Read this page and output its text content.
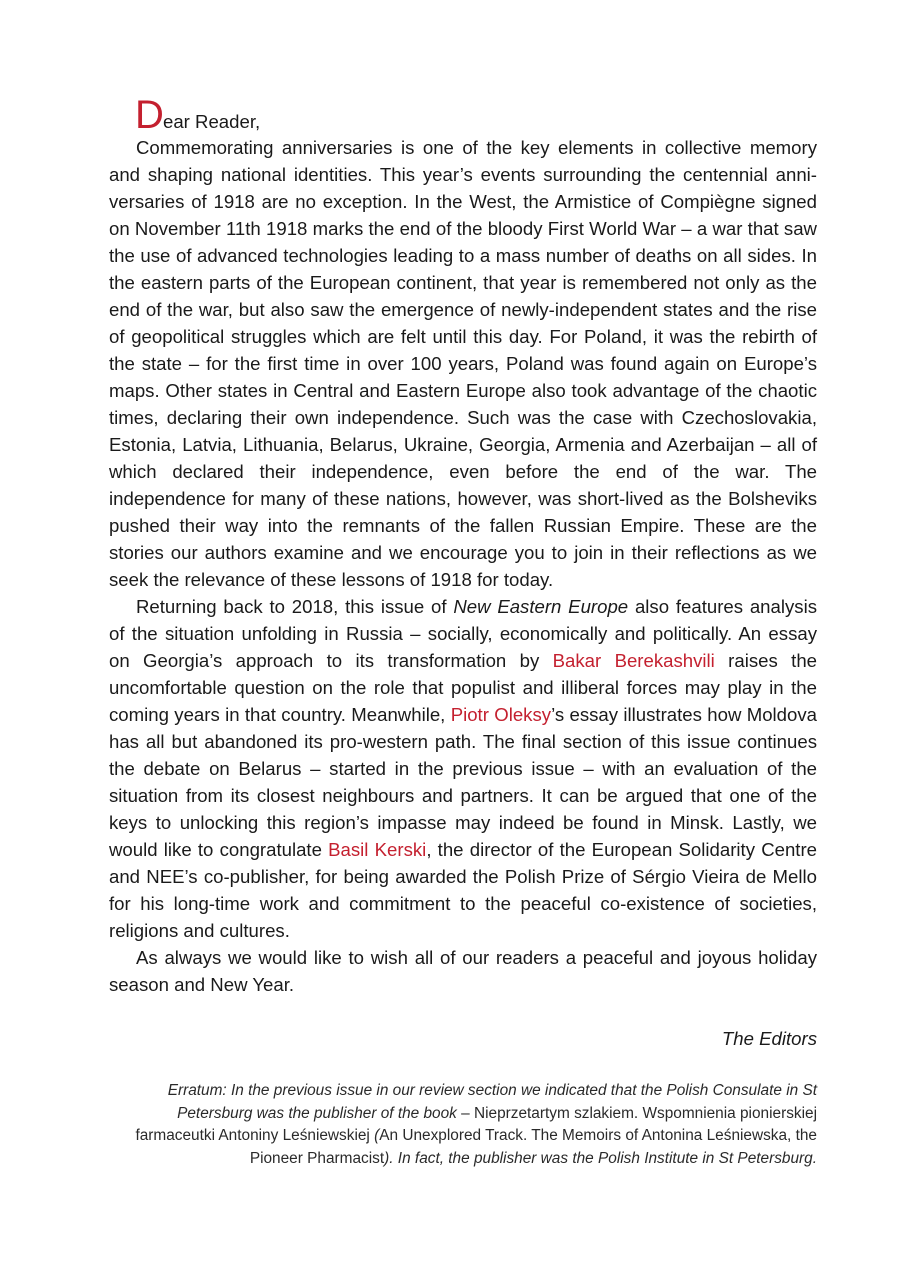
D ear Reader,

Commemorating anniversaries is one of the key elements in collective memory and shaping national identities. This year’s events surrounding the centennial anniversaries of 1918 are no exception. In the West, the Armistice of Compiègne signed on November 11th 1918 marks the end of the bloody First World War – a war that saw the use of advanced technologies leading to a mass number of deaths on all sides. In the eastern parts of the European continent, that year is remembered not only as the end of the war, but also saw the emergence of newly-independent states and the rise of geopolitical struggles which are felt until this day. For Poland, it was the rebirth of the state – for the first time in over 100 years, Poland was found again on Europe’s maps. Other states in Central and Eastern Europe also took advantage of the chaotic times, declaring their own independence. Such was the case with Czechoslovakia, Estonia, Latvia, Lithuania, Belarus, Ukraine, Georgia, Armenia and Azerbaijan – all of which declared their independence, even before the end of the war. The independence for many of these nations, however, was short-lived as the Bolsheviks pushed their way into the remnants of the fallen Russian Empire. These are the stories our authors examine and we encourage you to join in their reflections as we seek the relevance of these lessons of 1918 for today.

Returning back to 2018, this issue of New Eastern Europe also features analysis of the situation unfolding in Russia – socially, economically and politically. An essay on Georgia’s approach to its transformation by Bakar Berekashvili raises the uncomfortable question on the role that populist and illiberal forces may play in the coming years in that country. Meanwhile, Piotr Oleksy’s essay illustrates how Moldova has all but abandoned its pro-western path. The final section of this issue continues the debate on Belarus – started in the previous issue – with an evaluation of the situation from its closest neighbours and partners. It can be argued that one of the keys to unlocking this region’s impasse may indeed be found in Minsk. Lastly, we would like to congratulate Basil Kerski, the director of the European Solidarity Centre and NEE’s co-publisher, for being awarded the Polish Prize of Sérgio Vieira de Mello for his long-time work and commitment to the peaceful co-existence of societies, religions and cultures.

As always we would like to wish all of our readers a peaceful and joyous holiday season and New Year.

The Editors
Erratum: In the previous issue in our review section we indicated that the Polish Consulate in St Petersburg was the publisher of the book – Nieprzetartym szlakiem. Wspomnienia pionierskiej farmaceutki Antoniny Leśniewskiej (An Unexplored Track. The Memoirs of Antonina Leśniewska, the Pioneer Pharmacist). In fact, the publisher was the Polish Institute in St Petersburg.
